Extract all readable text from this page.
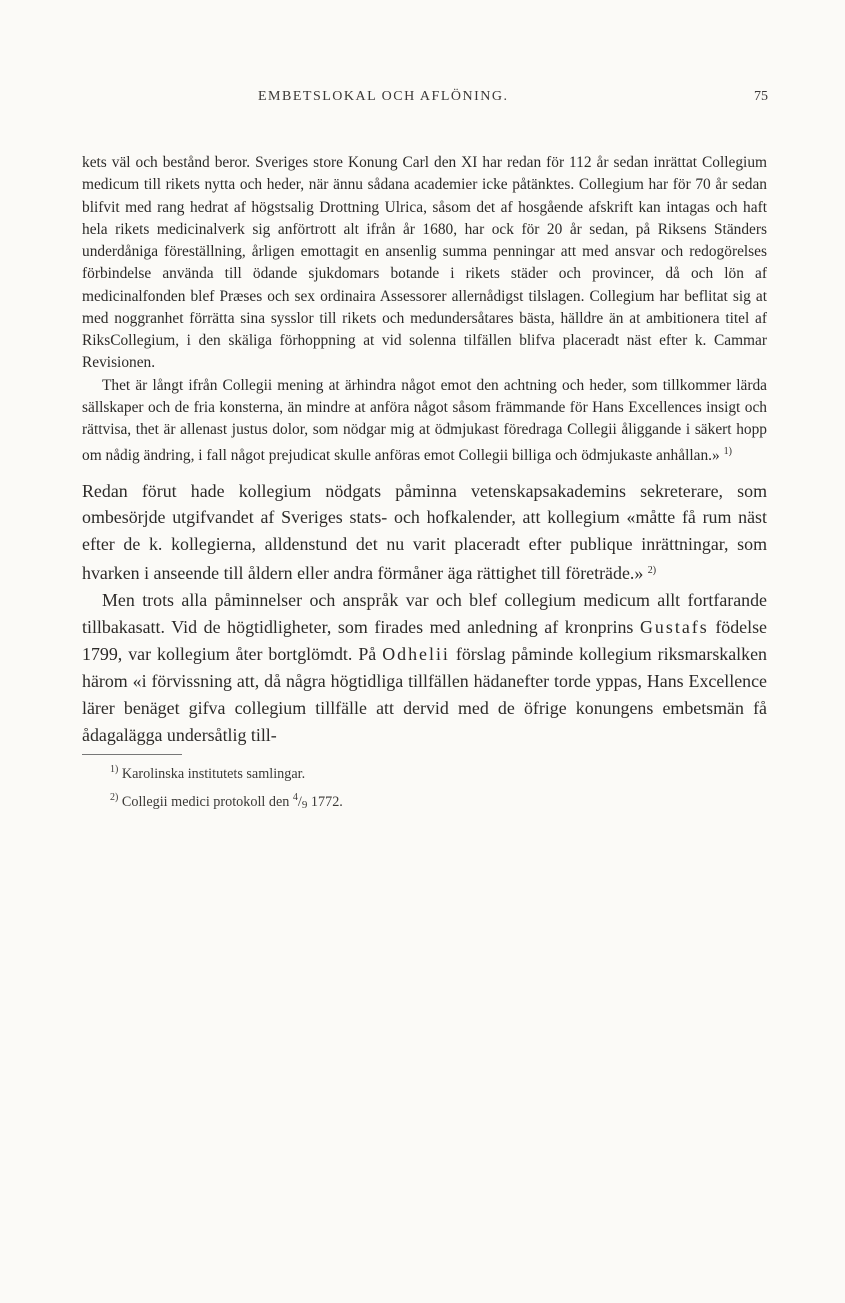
EMBETSLOKAL OCH AFLÖNING.	75

kets väl och bestånd beror. Sveriges store Konung Carl den XI har redan för 112 år sedan inrättat Collegium medicum till rikets nytta och heder, när ännu sådana academier icke påtänktes. Collegium har för 70 år sedan blifvit med rang hedrat af högstsalig Drottning Ulrica, såsom det af hosgående afskrift kan intagas och haft hela rikets medicinalverk sig anförtrott alt ifrån år 1680, har ock för 20 år sedan, på Riksens Ständers underdåniga föreställning, årligen emottagit en ansenlig summa penningar att med ansvar och redogörelses förbindelse använda till ödande sjukdomars botande i rikets städer och provincer, då och lön af medicinalfonden blef Præses och sex ordinaira Assessorer allernådigst tilslagen. Collegium har beflitat sig at med noggranhet förrätta sina sysslor till rikets och medundersåtares bästa, hälldre än at ambitionera titel af RiksCollegium, i den skäliga förhoppning at vid solenna tilfällen blifva placeradt näst efter k. Cammar Revisionen.

Thet är långt ifrån Collegii mening at ärhindra något emot den achtning och heder, som tillkommer lärda sällskaper och de fria konsterna, än mindre at anföra något såsom främmande för Hans Excellences insigt och rättvisa, thet är allenast justus dolor, som nödgar mig at ödmjukast föredraga Collegii åliggande i säkert hopp om nådig ändring, i fall något prejudicat skulle anföras emot Collegii billiga och ödmjukaste anhållan.» $^{1)}$

Redan förut hade kollegium nödgats påminna vetenskapsakademins sekreterare, som ombesörjde utgifvandet af Sveriges stats- och hofkalender, att kollegium «måtte få rum näst efter de k. kollegierna, alldenstund det nu varit placeradt efter publique inrättningar, som hvarken i anseende till åldern eller andra förmåner äga rättighet till företräde.» $^{2)}$

Men trots alla påminnelser och anspråk var och blef collegium medicum allt fortfarande tillbakasatt. Vid de högtidligheter, som firades med anledning af kronprins Gustafs födelse 1799, var kollegium åter bortglömdt. På Odhelii förslag påminde kollegium riksmarskalken härom «i förvissning att, då några högtidliga tillfällen hädanefter torde yppas, Hans Excellence lärer benäget gifva collegium tillfälle att dervid med de öfrige konungens embetsmän få ådagalägga undersåtlig till-

$^{1)}$ Karolinska institutets samlingar.

$^{2)}$ Collegii medici protokoll den $^4$/9 1772.
